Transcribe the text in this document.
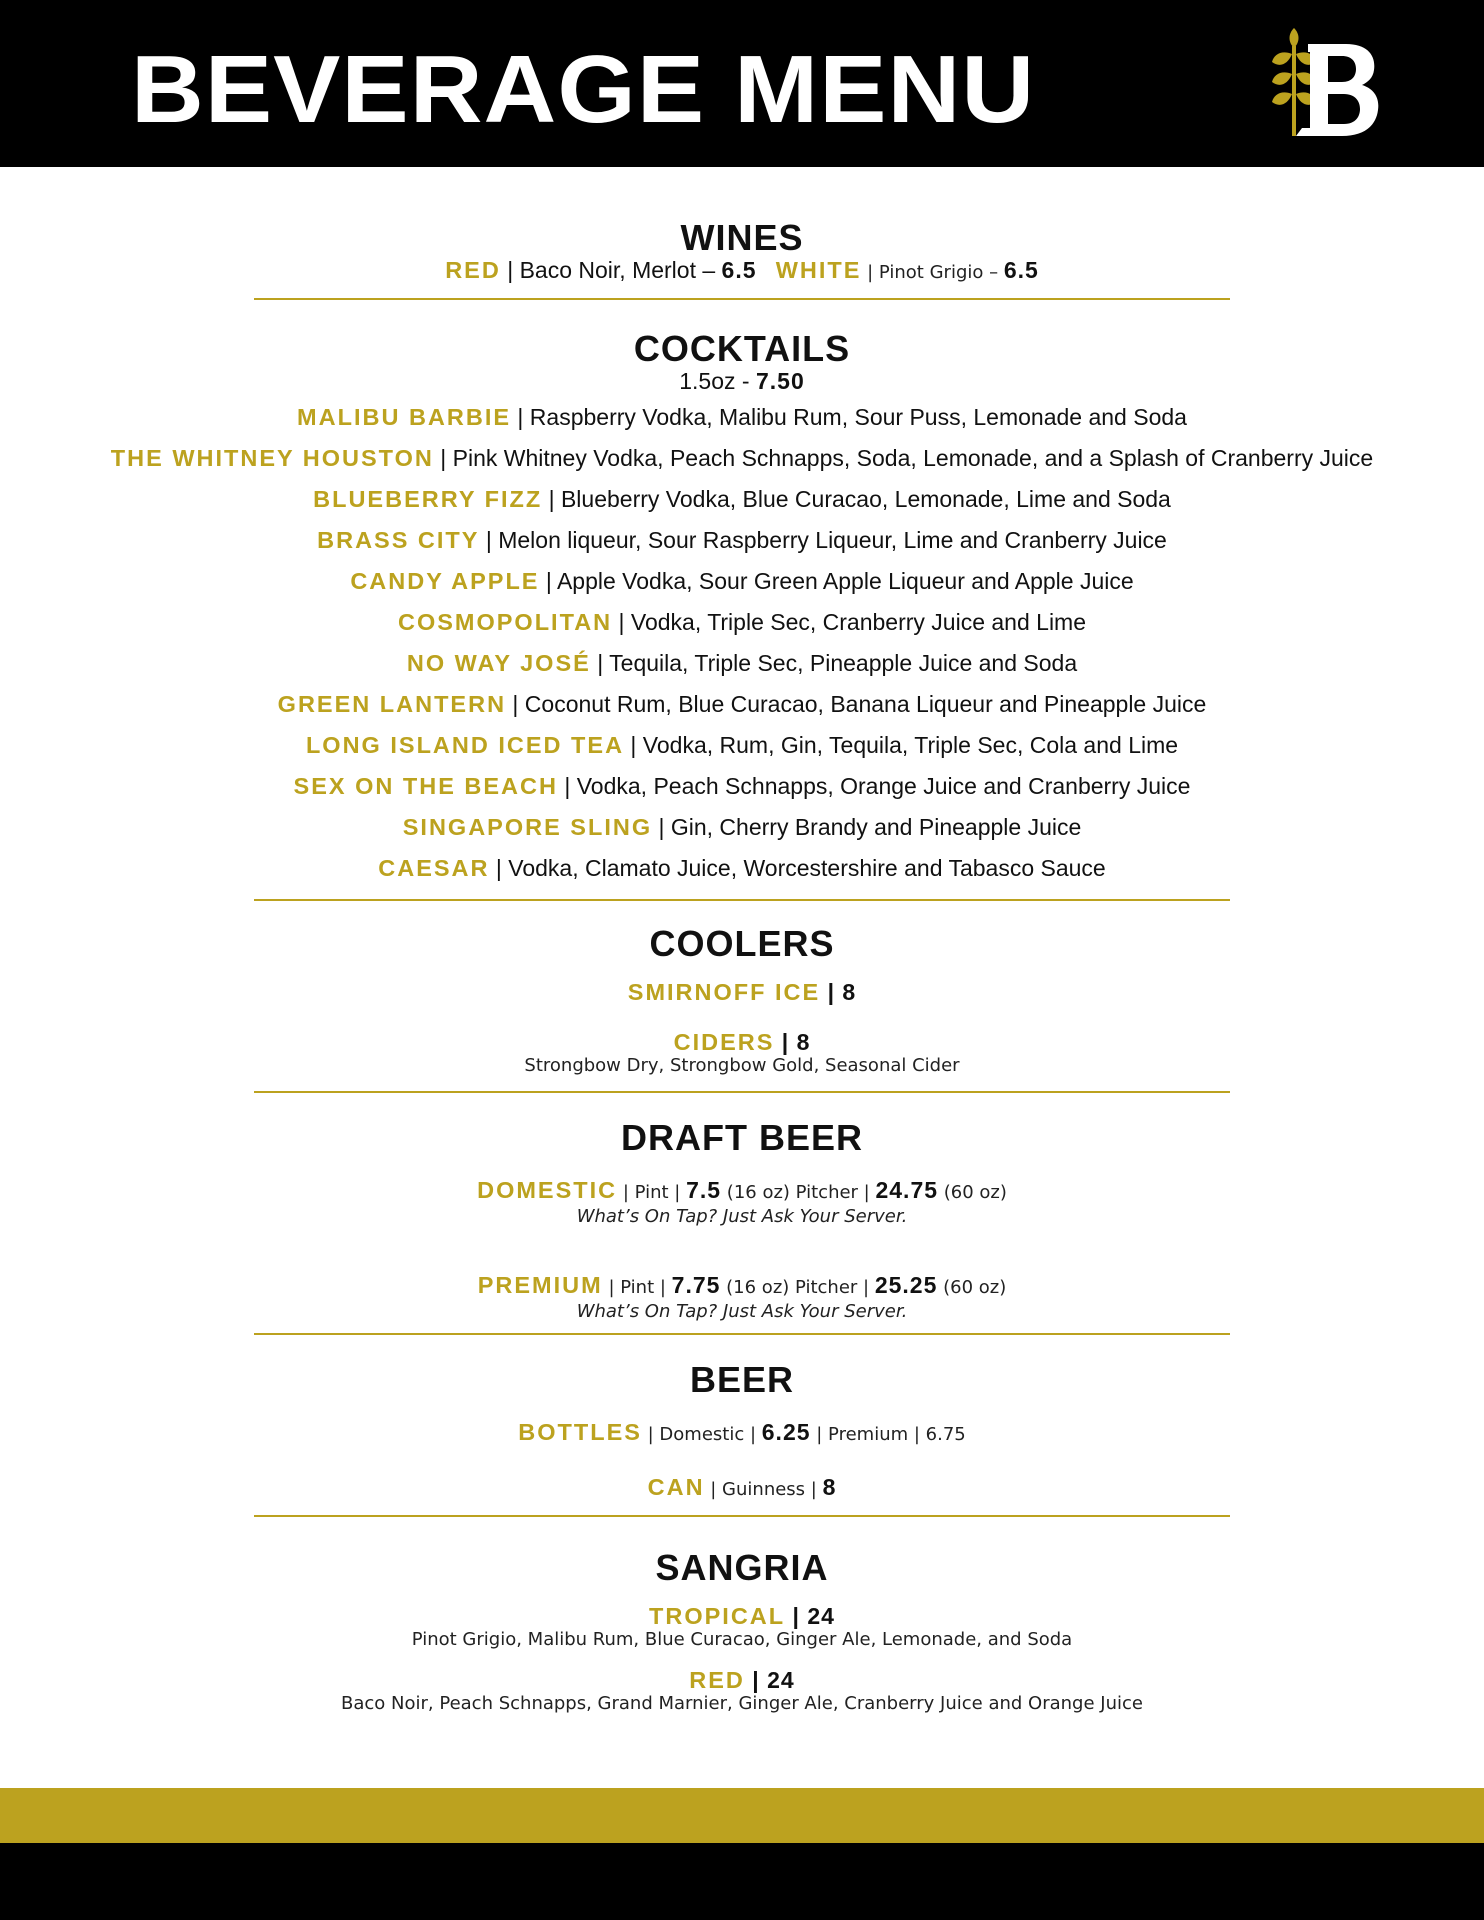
BEVERAGE MENU
WINES
RED | Baco Noir, Merlot – 6.5 WHITE | Pinot Grigio – 6.5
COCKTAILS
1.5oz - 7.50
MALIBU BARBIE | Raspberry Vodka, Malibu Rum, Sour Puss, Lemonade and Soda
THE WHITNEY HOUSTON | Pink Whitney Vodka, Peach Schnapps, Soda, Lemonade, and a Splash of Cranberry Juice
BLUEBERRY FIZZ | Blueberry Vodka, Blue Curacao, Lemonade, Lime and Soda
BRASS CITY | Melon liqueur, Sour Raspberry Liqueur, Lime and Cranberry Juice
CANDY APPLE | Apple Vodka, Sour Green Apple Liqueur and Apple Juice
COSMOPOLITAN | Vodka, Triple Sec, Cranberry Juice and Lime
NO WAY JOSÉ | Tequila, Triple Sec, Pineapple Juice and Soda
GREEN LANTERN | Coconut Rum, Blue Curacao, Banana Liqueur and Pineapple Juice
LONG ISLAND ICED TEA | Vodka, Rum, Gin, Tequila, Triple Sec, Cola and Lime
SEX ON THE BEACH | Vodka, Peach Schnapps, Orange Juice and Cranberry Juice
SINGAPORE SLING | Gin, Cherry Brandy and Pineapple Juice
CAESAR | Vodka, Clamato Juice, Worcestershire and Tabasco Sauce
COOLERS
SMIRNOFF ICE | 8
CIDERS | 8
Strongbow Dry, Strongbow Gold, Seasonal Cider
DRAFT BEER
DOMESTIC | Pint | 7.5 (16 oz) Pitcher | 24.75 (60 oz)
What’s On Tap? Just Ask Your Server.
PREMIUM | Pint | 7.75 (16 oz) Pitcher | 25.25 (60 oz)
What’s On Tap? Just Ask Your Server.
BEER
BOTTLES | Domestic | 6.25 | Premium | 6.75
CAN | Guinness | 8
SANGRIA
TROPICAL | 24
Pinot Grigio, Malibu Rum, Blue Curacao, Ginger Ale, Lemonade, and Soda
RED | 24
Baco Noir, Peach Schnapps, Grand Marnier, Ginger Ale, Cranberry Juice and Orange Juice
